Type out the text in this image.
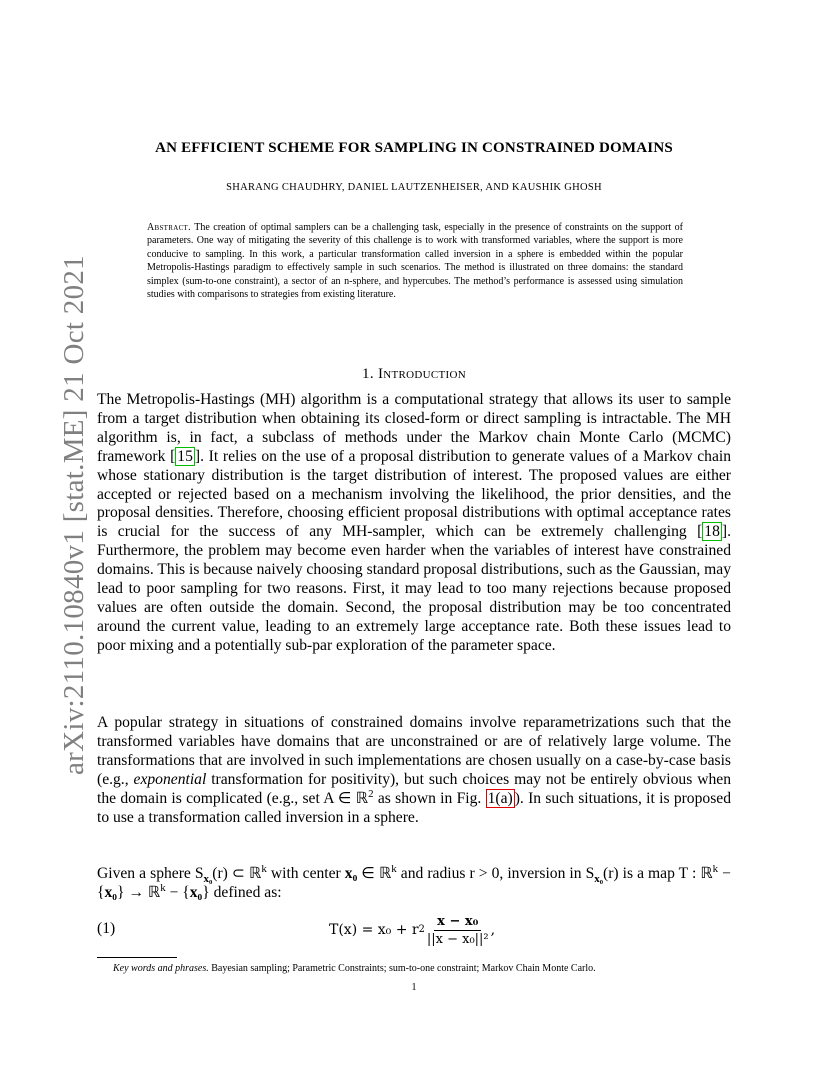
arXiv:2110.10840v1 [stat.ME] 21 Oct 2021
AN EFFICIENT SCHEME FOR SAMPLING IN CONSTRAINED DOMAINS
SHARANG CHAUDHRY, DANIEL LAUTZENHEISER, AND KAUSHIK GHOSH
Abstract. The creation of optimal samplers can be a challenging task, especially in the presence of constraints on the support of parameters. One way of mitigating the severity of this challenge is to work with transformed variables, where the support is more conducive to sampling. In this work, a particular transformation called inversion in a sphere is embedded within the popular Metropolis-Hastings paradigm to effectively sample in such scenarios. The method is illustrated on three domains: the standard simplex (sum-to-one constraint), a sector of an n-sphere, and hypercubes. The method’s performance is assessed using simulation studies with comparisons to strategies from existing literature.
1. Introduction

The Metropolis-Hastings (MH) algorithm is a computational strategy that allows its user to sample from a target distribution when obtaining its closed-form or direct sampling is intractable. The MH algorithm is, in fact, a subclass of methods under the Markov chain Monte Carlo (MCMC) framework [ 15 ]. It relies on the use of a proposal distribution to generate values of a Markov chain whose stationary distribution is the target distribution of interest. The proposed values are either accepted or rejected based on a mechanism involving the likelihood, the prior densities, and the proposal densities. Therefore, choosing efficient proposal distributions with optimal acceptance rates is crucial for the success of any MH-sampler, which can be extremely challenging [ 18 ]. Furthermore, the problem may become even harder when the variables of interest have constrained domains. This is because naively choosing standard proposal distributions, such as the Gaussian, may lead to poor sampling for two reasons. First, it may lead to too many rejections because proposed values are often outside the domain. Second, the proposal distribution may be too concentrated around the current value, leading to an extremely large acceptance rate. Both these issues lead to poor mixing and a potentially sub-par exploration of the parameter space.

A popular strategy in situations of constrained domains involve reparametrizations such that the transformed variables have domains that are unconstrained or are of relatively large volume. The transformations that are involved in such implementations are chosen usually on a case-by-case basis (e.g., exponential transformation for positivity), but such choices may not be entirely obvious when the domain is complicated (e.g., set A ∈ ℝ$^2$ as shown in Fig. 1(a) ). In such situations, it is proposed to use a transformation called inversion in a sphere.

Given a sphere $S_{x_0}(r)$ ⊂ ℝ$^k$ with center x₀ ∈ ℝ$^k$ and radius r > 0, inversion in $S_{x_0}(r)$ is a map T : ℝ$^k$ − {x₀} → ℝ$^k$ − {x₀} defined as:

(1)	T(x) = x₀ + r $2 \frac{\text{x − x₀}}{\text{||x − x₀||²}}$ ,
Key words and phrases. Bayesian sampling; Parametric Constraints; sum-to-one constraint; Markov Chain Monte Carlo.
1
